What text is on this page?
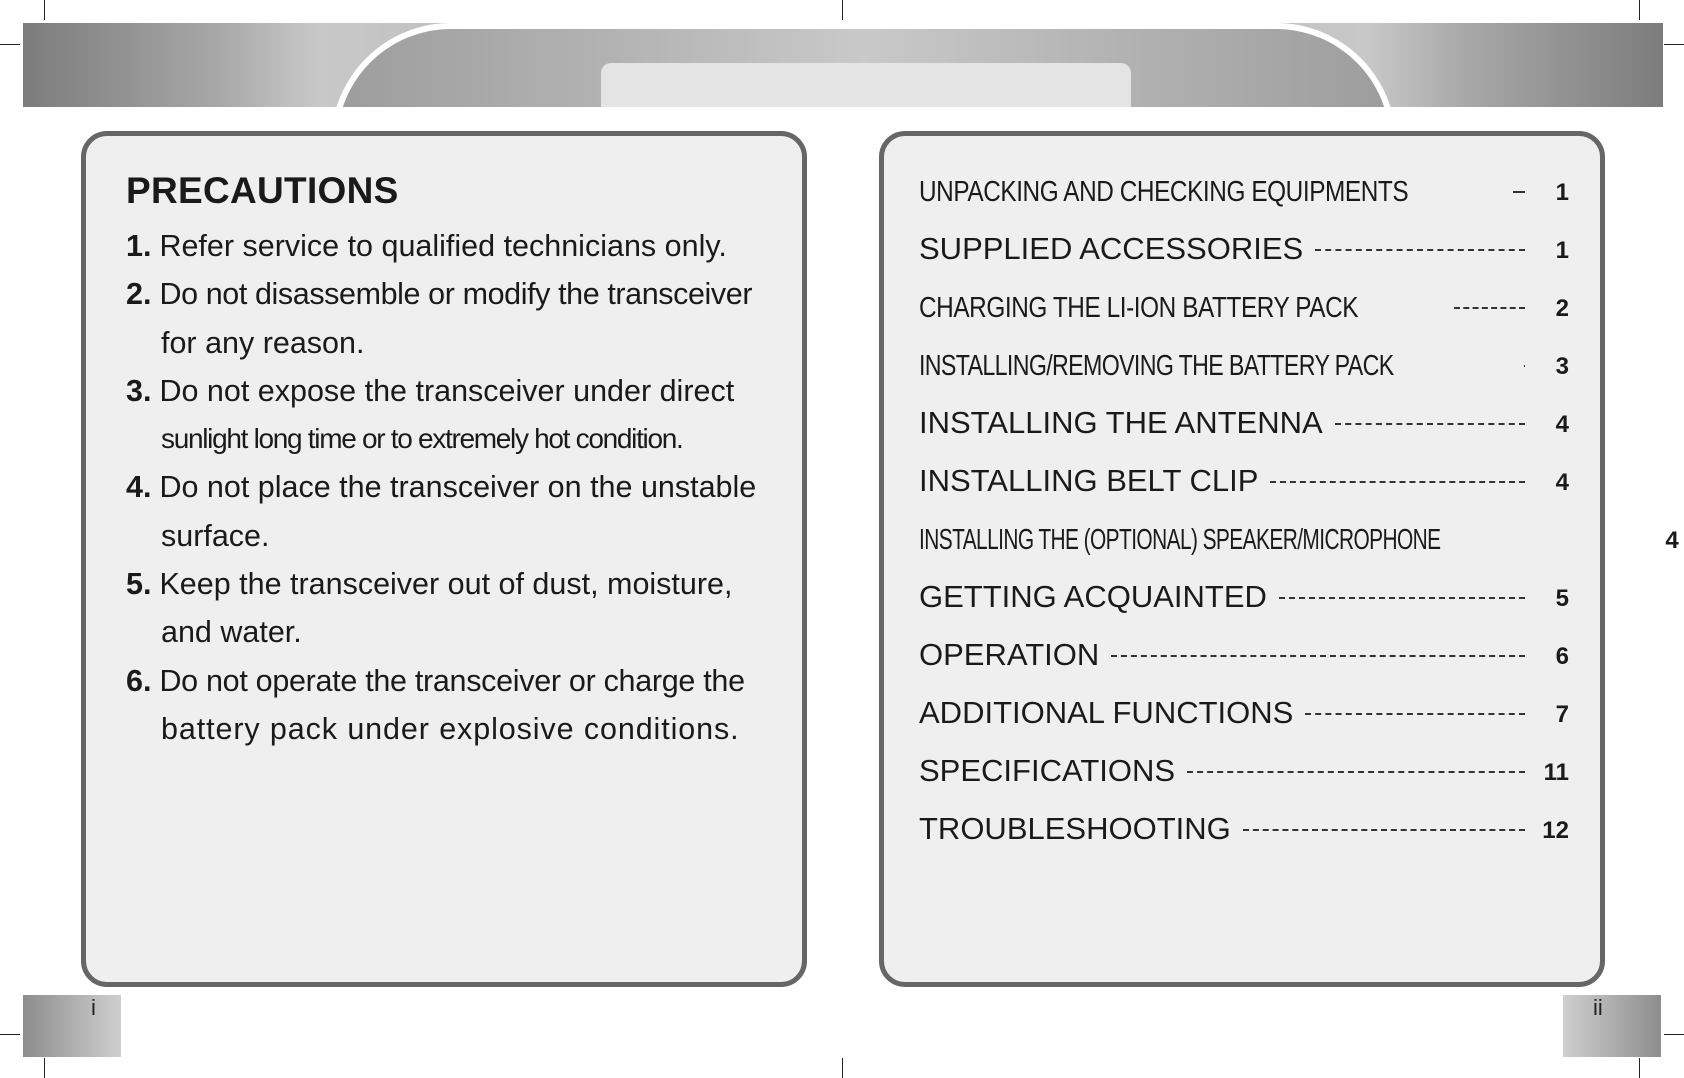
PRECAUTIONS
1. Refer service to qualified technicians only.
2. Do not disassemble or modify the transceiver
for any reason.
3. Do not expose the transceiver under direct
sunlight long time or to extremely hot condition.
4. Do not place the transceiver on the unstable
surface.
5. Keep the transceiver out of dust, moisture,
and water.
6. Do not operate the transceiver or charge the
battery pack under explosive conditions.
UNPACKING AND CHECKING EQUIPMENTS	1
SUPPLIED ACCESSORIES	1
CHARGING THE LI-ION BATTERY PACK	2
INSTALLING/REMOVING THE BATTERY PACK	3
INSTALLING THE ANTENNA	4
INSTALLING BELT CLIP	4
INSTALLING THE (OPTIONAL) SPEAKER/MICROPHONE	4
GETTING ACQUAINTED	5
OPERATION	6
ADDITIONAL FUNCTIONS	7
SPECIFICATIONS	11
TROUBLESHOOTING	12
i	ii
